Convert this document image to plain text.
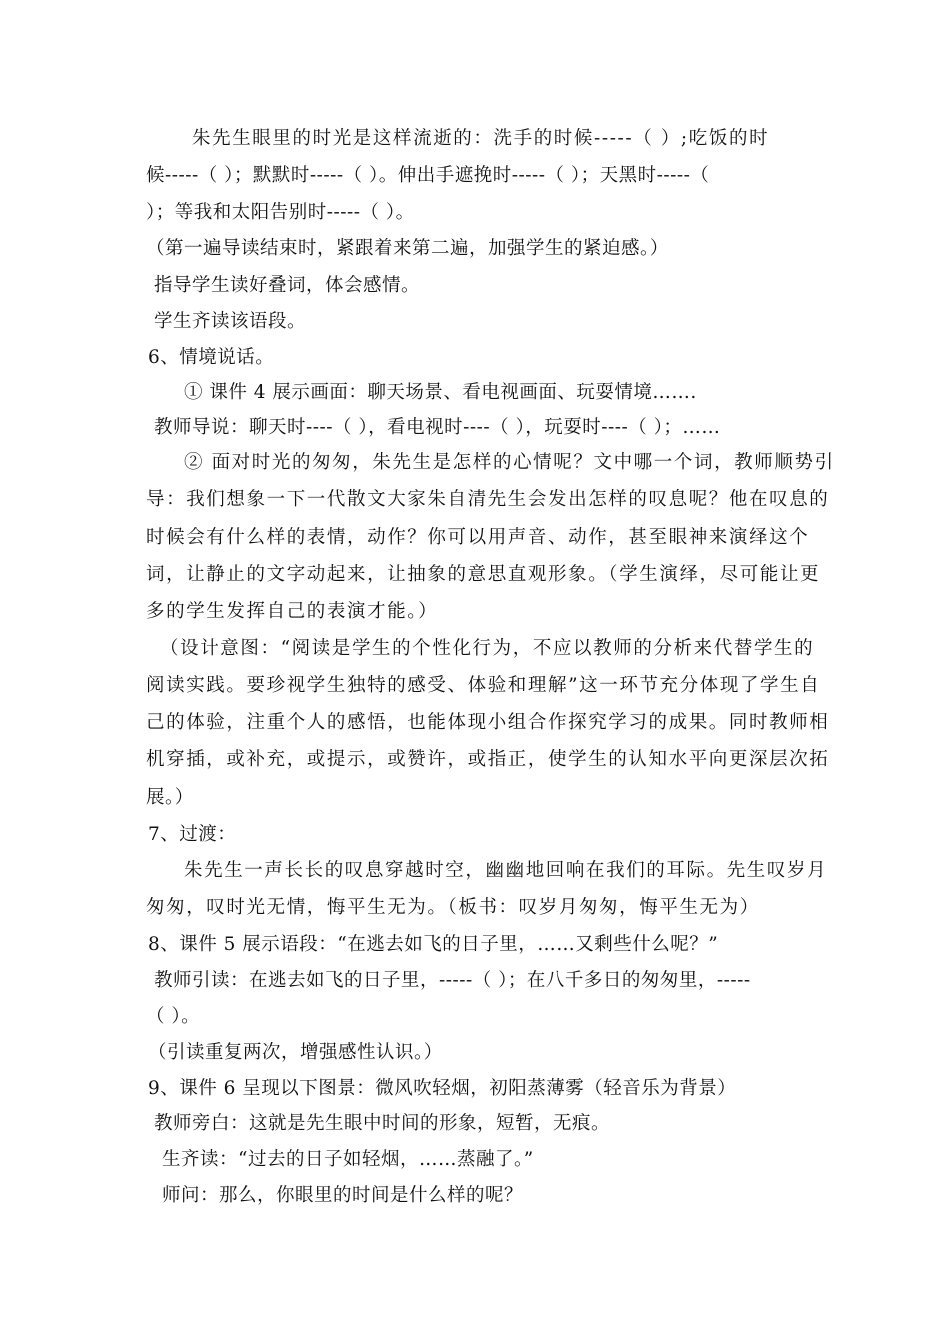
朱先生眼里的时光是这样流逝的：洗手的时候-----（ ）;吃饭的时
候-----（ ）；默默时-----（ ）。伸出手遮挽时-----（ ）；天黑时-----（
）；等我和太阳告别时-----（ ）。
（第一遍导读结束时，紧跟着来第二遍，加强学生的紧迫感。）
指导学生读好叠词，体会感情。
学生齐读该语段。
6、情境说话。
① 课件 4 展示画面：聊天场景、看电视画面、玩耍情境…….
教师导说：聊天时----（ ），看电视时----（ ），玩耍时----（ ）；……
② 面对时光的匆匆，朱先生是怎样的心情呢？文中哪一个词，教师顺势引
导：我们想象一下一代散文大家朱自清先生会发出怎样的叹息呢？他在叹息的
时候会有什么样的表情，动作？你可以用声音、动作，甚至眼神来演绎这个
词，让静止的文字动起来，让抽象的意思直观形象。（学生演绎，尽可能让更
多的学生发挥自己的表演才能。）
（设计意图：“阅读是学生的个性化行为，不应以教师的分析来代替学生的
阅读实践。要珍视学生独特的感受、体验和理解”这一环节充分体现了学生自
己的体验，注重个人的感悟，也能体现小组合作探究学习的成果。同时教师相
机穿插，或补充，或提示，或赞许，或指正，使学生的认知水平向更深层次拓
展。）
7、过渡：
朱先生一声长长的叹息穿越时空，幽幽地回响在我们的耳际。先生叹岁月
匆匆，叹时光无情，悔平生无为。（板书：叹岁月匆匆，悔平生无为）
8、课件 5 展示语段：“在逃去如飞的日子里，……又剩些什么呢？”
教师引读：在逃去如飞的日子里，-----（ ）；在八千多日的匆匆里，-----
（ ）。
（引读重复两次，增强感性认识。）
9、课件 6 呈现以下图景：微风吹轻烟，初阳蒸薄雾（轻音乐为背景）
教师旁白：这就是先生眼中时间的形象，短暂，无痕。
生齐读：“过去的日子如轻烟，……蒸融了。”
师问：那么，你眼里的时间是什么样的呢？
